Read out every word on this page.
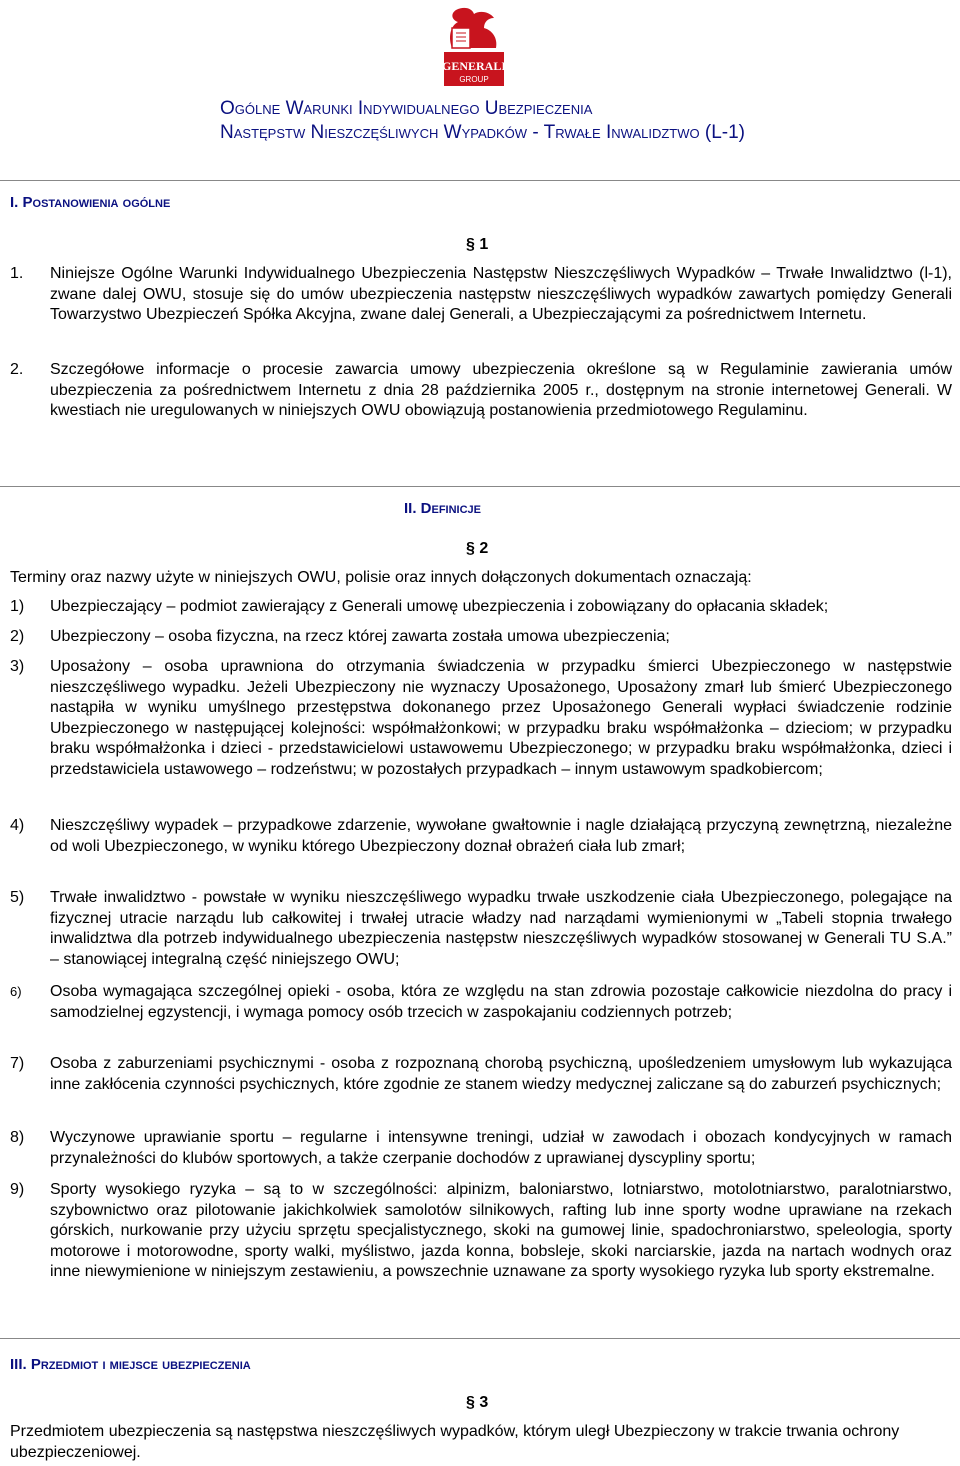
GENERALI
GROUP
Ogólne Warunki Indywidualnego Ubezpieczenia
Następstw Nieszczęśliwych Wypadków - Trwałe Inwalidztwo (L-1)
I. Postanowienia ogólne
§ 1
1. Niniejsze Ogólne Warunki Indywidualnego Ubezpieczenia Następstw Nieszczęśliwych Wypadków – Trwałe Inwalidztwo (l-1), zwane dalej OWU, stosuje się do umów ubezpieczenia następstw nieszczęśliwych wypadków zawartych pomiędzy Generali Towarzystwo Ubezpieczeń Spółka Akcyjna, zwane dalej Generali, a Ubezpieczającymi za pośrednictwem Internetu.
2. Szczegółowe informacje o procesie zawarcia umowy ubezpieczenia określone są w Regulaminie zawierania umów ubezpieczenia za pośrednictwem Internetu z dnia 28 października 2005 r., dostępnym na stronie internetowej Generali. W kwestiach nie uregulowanych w niniejszych OWU obowiązują postanowienia przedmiotowego Regulaminu.
II. Definicje
§ 2
Terminy oraz nazwy użyte w niniejszych OWU, polisie oraz innych dołączonych dokumentach oznaczają:
1) Ubezpieczający – podmiot zawierający z Generali umowę ubezpieczenia i zobowiązany do opłacania składek;
2) Ubezpieczony – osoba fizyczna, na rzecz której zawarta została umowa ubezpieczenia;
3) Uposażony – osoba uprawniona do otrzymania świadczenia w przypadku śmierci Ubezpieczonego w następstwie nieszczęśliwego wypadku. Jeżeli Ubezpieczony nie wyznaczy Uposażonego, Uposażony zmarł lub śmierć Ubezpieczonego nastąpiła w wyniku umyślnego przestępstwa dokonanego przez Uposażonego Generali wypłaci świadczenie rodzinie Ubezpieczonego w następującej kolejności: współmałżonkowi; w przypadku braku współmałżonka – dzieciom; w przypadku braku współmałżonka i dzieci - przedstawicielowi ustawowemu Ubezpieczonego; w przypadku braku współmałżonka, dzieci i przedstawiciela ustawowego – rodzeństwu; w pozostałych przypadkach – innym ustawowym spadkobiercom;
4) Nieszczęśliwy wypadek – przypadkowe zdarzenie, wywołane gwałtownie i nagle działającą przyczyną zewnętrzną, niezależne od woli Ubezpieczonego, w wyniku którego Ubezpieczony doznał obrażeń ciała lub zmarł;
5) Trwałe inwalidztwo - powstałe w wyniku nieszczęśliwego wypadku trwałe uszkodzenie ciała Ubezpieczonego, polegające na fizycznej utracie narządu lub całkowitej i trwałej utracie władzy nad narządami wymienionymi w „Tabeli stopnia trwałego inwalidztwa dla potrzeb indywidualnego ubezpieczenia następstw nieszczęśliwych wypadków stosowanej w Generali TU S.A.” – stanowiącej integralną część niniejszego OWU;
6) Osoba wymagająca szczególnej opieki - osoba, która ze względu na stan zdrowia pozostaje całkowicie niezdolna do pracy i samodzielnej egzystencji, i wymaga pomocy osób trzecich w zaspokajaniu codziennych potrzeb;
7) Osoba z zaburzeniami psychicznymi - osoba z rozpoznaną chorobą psychiczną, upośledzeniem umysłowym lub wykazująca inne zakłócenia czynności psychicznych, które zgodnie ze stanem wiedzy medycznej zaliczane są do zaburzeń psychicznych;
8) Wyczynowe uprawianie sportu – regularne i intensywne treningi, udział w zawodach i obozach kondycyjnych w ramach przynależności do klubów sportowych, a także czerpanie dochodów z uprawianej dyscypliny sportu;
9) Sporty wysokiego ryzyka – są to w szczególności: alpinizm, baloniarstwo, lotniarstwo, motolotniarstwo, paralotniarstwo, szybownictwo oraz pilotowanie jakichkolwiek samolotów silnikowych, rafting lub inne sporty wodne uprawiane na rzekach górskich, nurkowanie przy użyciu sprzętu specjalistycznego, skoki na gumowej linie, spadochroniarstwo, speleologia, sporty motorowe i motorowodne, sporty walki, myślistwo, jazda konna, bobsleje, skoki narciarskie, jazda na nartach wodnych oraz inne niewymienione w niniejszym zestawieniu, a powszechnie uznawane za sporty wysokiego ryzyka lub sporty ekstremalne.
III. Przedmiot i miejsce ubezpieczenia
§ 3
Przedmiotem ubezpieczenia są następstwa nieszczęśliwych wypadków, którym uległ Ubezpieczony w trakcie trwania ochrony ubezpieczeniowej.
